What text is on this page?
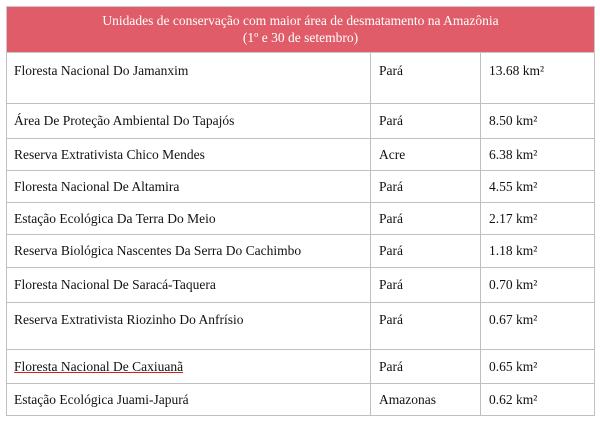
Unidades de conservação com maior área de desmatamento na Amazônia
(1º e 30 de setembro)		

Floresta Nacional Do Jamanxim	Pará	13.68 km²
Área De Proteção Ambiental Do Tapajós	Pará	8.50 km²
Reserva Extrativista Chico Mendes	Acre	6.38 km²
Floresta Nacional De Altamira	Pará	4.55 km²
Estação Ecológica Da Terra Do Meio	Pará	2.17 km²
Reserva Biológica Nascentes Da Serra Do Cachimbo	Pará	1.18 km²
Floresta Nacional De Saracá-Taquera	Pará	0.70 km²
Reserva Extrativista Riozinho Do Anfrísio	Pará	0.67 km²
Floresta Nacional De Caxiuanã	Pará	0.65 km²
Estação Ecológica Juami-Japurá	Amazonas	0.62 km²
